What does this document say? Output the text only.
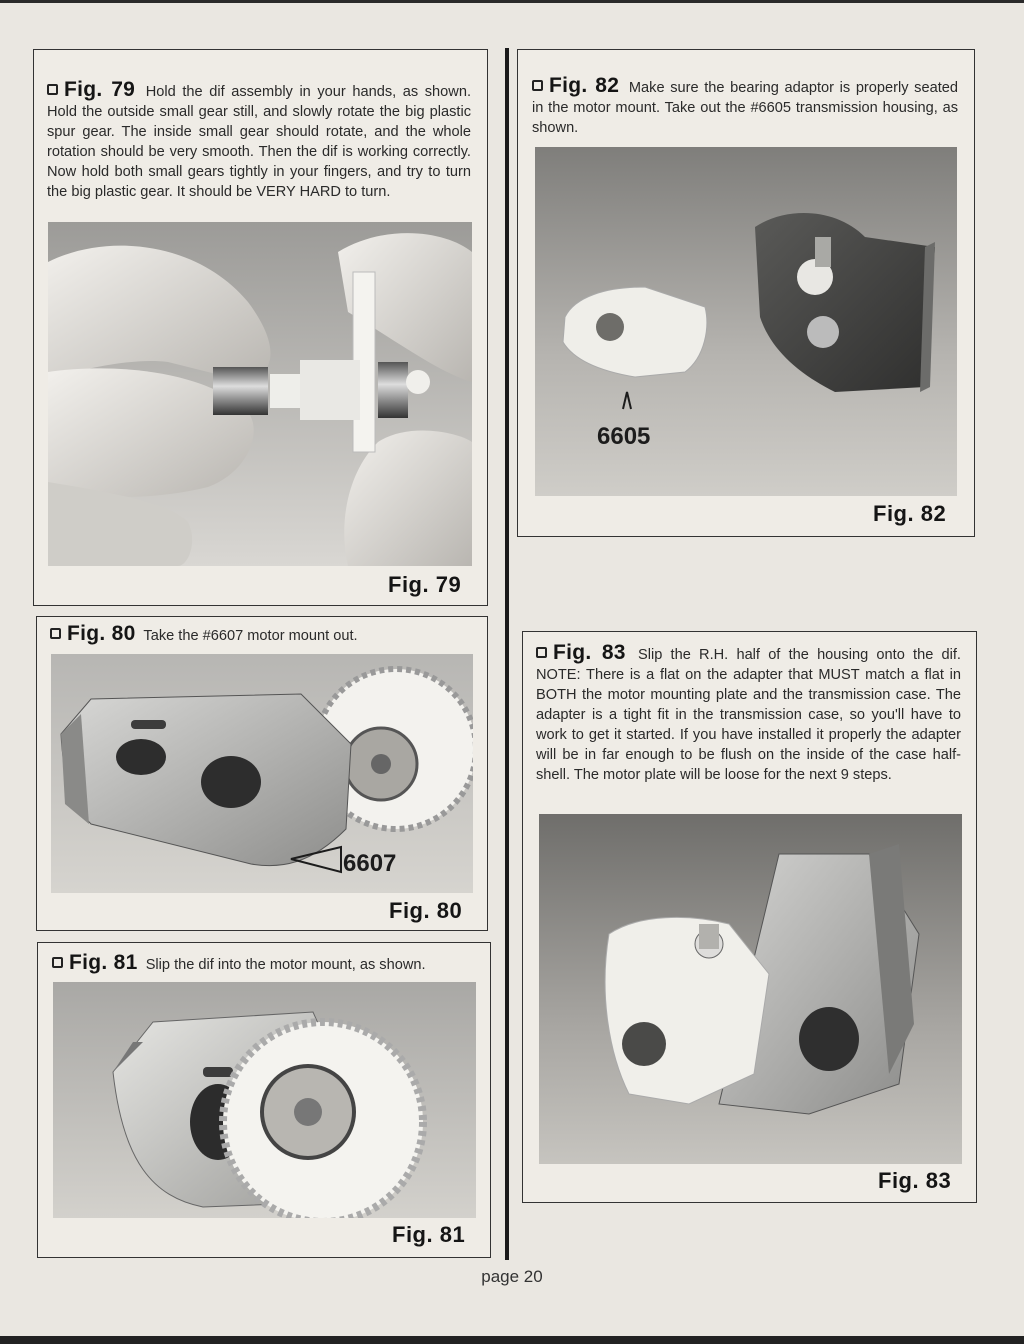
Fig. 79 Hold the dif assembly in your hands, as shown. Hold the outside small gear still, and slowly rotate the big plastic spur gear. The inside small gear should rotate, and the whole rotation should be very smooth. Then the dif is working correctly. Now hold both small gears tightly in your fingers, and try to turn the big plastic gear. It should be VERY HARD to turn.
Fig. 79
Fig. 80 Take the #6607 motor mount out.
6607
Fig. 80
Fig. 81 Slip the dif into the motor mount, as shown.
Fig. 81
Fig. 82 Make sure the bearing adaptor is properly seated in the motor mount. Take out the #6605 transmission housing, as shown.
6605
Fig. 82
Fig. 83 Slip the R.H. half of the housing onto the dif. NOTE: There is a flat on the adapter that MUST match a flat in BOTH the motor mounting plate and the transmission case. The adapter is a tight fit in the transmission case, so you'll have to work to get it started. If you have installed it properly the adapter will be in far enough to be flush on the inside of the case half-shell. The motor plate will be loose for the next 9 steps.
Fig. 83
page 20
